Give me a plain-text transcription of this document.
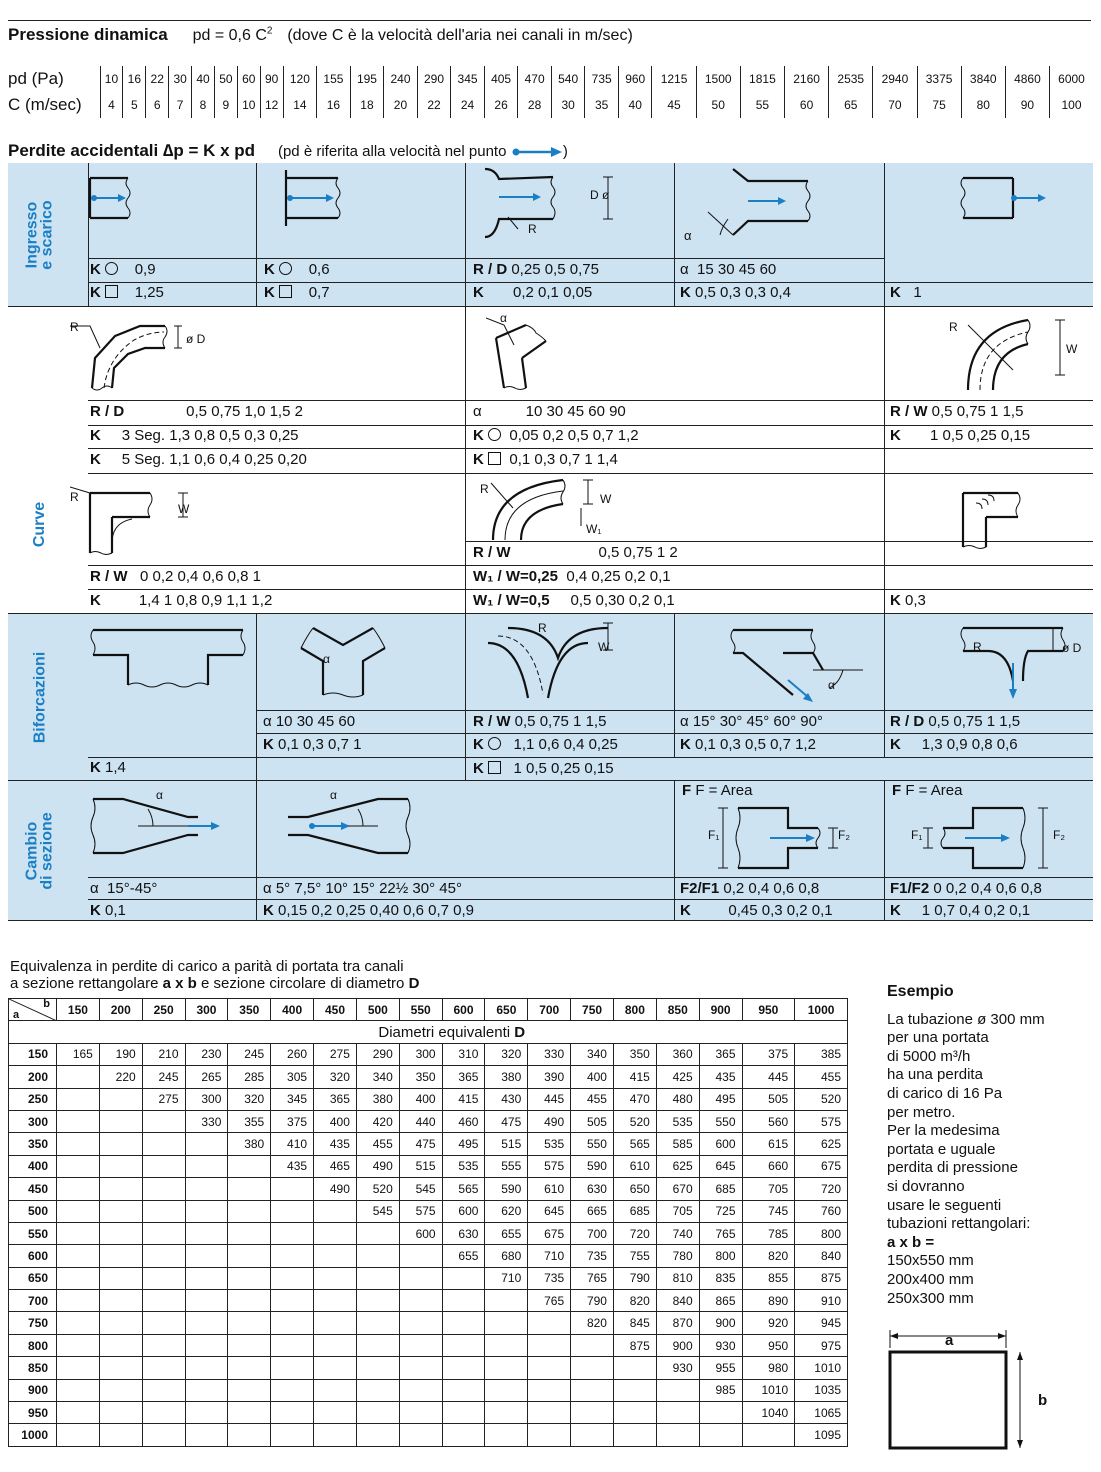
Pressione dinamica pd = 0,6 $C^2$ (dove C è la velocità dell'aria nei canali in m/sec)
pd (Pa)	10	16	22	30	40	50	60	90	120	155	195	240	290	345	405	470	540	735	960	1215	1500	1815	2160	2535	2940	3375	3840	4860	6000
C (m/sec)	4	5	6	7	8	9	10	12	14	16	18	20	22	24	26	28	30	35	40	45	50	55	60	65	70	75	80	90	100
Perdite accidentali ∆p = K x pd (pd è riferita alla velocità nel punto	)
Ingresso
e scarico
K 0,9
K 1,25
K 0,6
K 0,7
D ø
R
R / D 0,25 0,5 0,75
K 0,2 0,1 0,05
α
α 15 30 45 60
K 0,5 0,3 0,3 0,4	K 1
Curve
R
ø D
R / D	0,5 0,75 1,0 1,5 2
K 3 Seg. 1,3 0,8 0,5 0,3 0,25
K 5 Seg. 1,1 0,6 0,4 0,25 0,20
α
α	10 30 45 60 90
K 0,05 0,2 0,5 0,7 1,2
K 0,1 0,3 0,7 1 1,4
R
W
R / W 0,5 0,75 1 1,5
K 1 0,5 0,25 0,15
R
W
R / W 0 0,2 0,4 0,6 0,8 1
K	1,4 1 0,8 0,9 1,1 1,2
R
W
W₁
R / W	0,5 0,75 1 2
W₁ / W=0,25 0,4 0,25 0,2 0,1
W₁ / W=0,5 0,5 0,30 0,2 0,1	K 0,3
Biforcazioni
K 1,4
α
α 10 30 45 60
K 0,1 0,3 0,7 1
R
W
R / W 0,5 0,75 1 1,5
K 1,1 0,6 0,4 0,25
K 1 0,5 0,25 0,15
α
α 15° 30° 45° 60° 90°
K 0,1 0,3 0,5 0,7 1,2
R	ø D
R / D 0,5 0,75 1 1,5
K 1,3 0,9 0,8 0,6
Cambio
di sezione
α
α 15°-45°
K 0,1
α
α 5° 7,5° 10° 15° 22½ 30° 45°
K 0,15 0,2 0,25 0,40 0,6 0,7 0,9
F F = Area
F₁	F₂
F2/F1 0,2 0,4 0,6 0,8
K	0,45 0,3 0,2 0,1
F F = Area
F₁	F₂
F1/F2 0 0,2 0,4 0,6 0,8
K 1 0,7 0,4 0,2 0,1
Equivalenza in perdite di carico a parità di portata tra canali
a sezione rettangolare a x b e sezione circolare di diametro D
b
a	150	200	250	300	350	400	450	500	550	600	650	700	750	800	850	900	950	1000
	Diametri equivalenti D																	
150	165	190	210	230	245	260	275	290	300	310	320	330	340	350	360	365	375	385
200		220	245	265	285	305	320	340	350	365	380	390	400	415	425	435	445	455
250			275	300	320	345	365	380	400	415	430	445	455	470	480	495	505	520
300				330	355	375	400	420	440	460	475	490	505	520	535	550	560	575
350					380	410	435	455	475	495	515	535	550	565	585	600	615	625
400						435	465	490	515	535	555	575	590	610	625	645	660	675
450							490	520	545	565	590	610	630	650	670	685	705	720
500								545	575	600	620	645	665	685	705	725	745	760
550									600	630	655	675	700	720	740	765	785	800
600										655	680	710	735	755	780	800	820	840
650											710	735	765	790	810	835	855	875
700												765	790	820	840	865	890	910
750													820	845	870	900	920	945
800														875	900	930	950	975
850															930	955	980	1010
900																985	1010	1035
950																	1040	1065
1000																		1095
Esempio
La tubazione ø 300 mm
per una portata
di 5000 m³/h
ha una perdita
di carico di 16 Pa
per metro.
Per la medesima
portata e uguale
perdita di pressione
si dovranno
usare le seguenti
tubazioni rettangolari:
a x b =
150x550 mm
200x400 mm
250x300 mm
a
b
